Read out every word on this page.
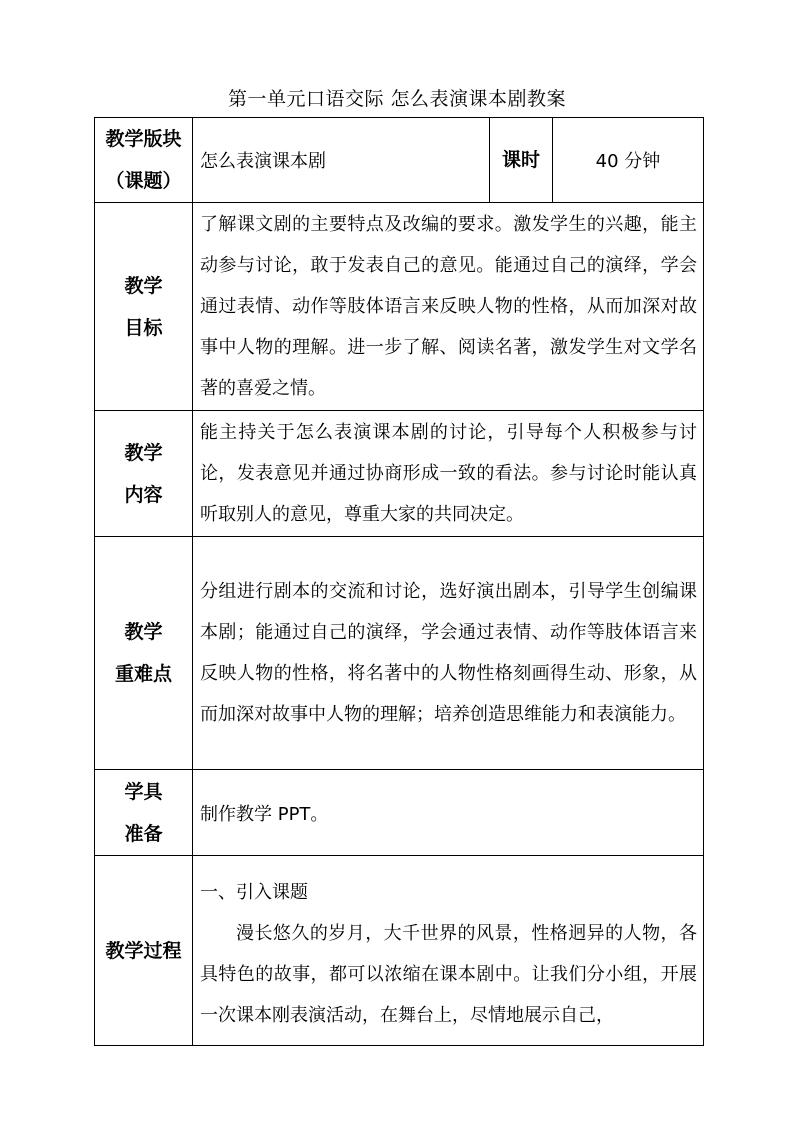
第一单元口语交际 怎么表演课本剧教案
教学版块
（课题）	怎么表演课本剧	课时	40 分钟

教学
目标	了解课文剧的主要特点及改编的要求。激发学生的兴趣，能主动参与讨论，敢于发表自己的意见。能通过自己的演绎，学会通过表情、动作等肢体语言来反映人物的性格，从而加深对故事中人物的理解。进一步了解、阅读名著，激发学生对文学名著的喜爱之情。		

教学
内容	能主持关于怎么表演课本剧的讨论，引导每个人积极参与讨论，发表意见并通过协商形成一致的看法。参与讨论时能认真听取别人的意见，尊重大家的共同决定。		

教学
重难点	分组进行剧本的交流和讨论，选好演出剧本，引导学生创编课本剧；能通过自己的演绎，学会通过表情、动作等肢体语言来反映人物的性格，将名著中的人物性格刻画得生动、形象，从而加深对故事中人物的理解；培养创造思维能力和表演能力。		

学具
准备	制作教学 PPT。		
教学过程	一、引入课题
漫长悠久的岁月，大千世界的风景，性格迥异的人物，各具特色的故事，都可以浓缩在课本剧中。让我们分小组，开展一次课本刚表演活动，在舞台上，尽情地展示自己，		
